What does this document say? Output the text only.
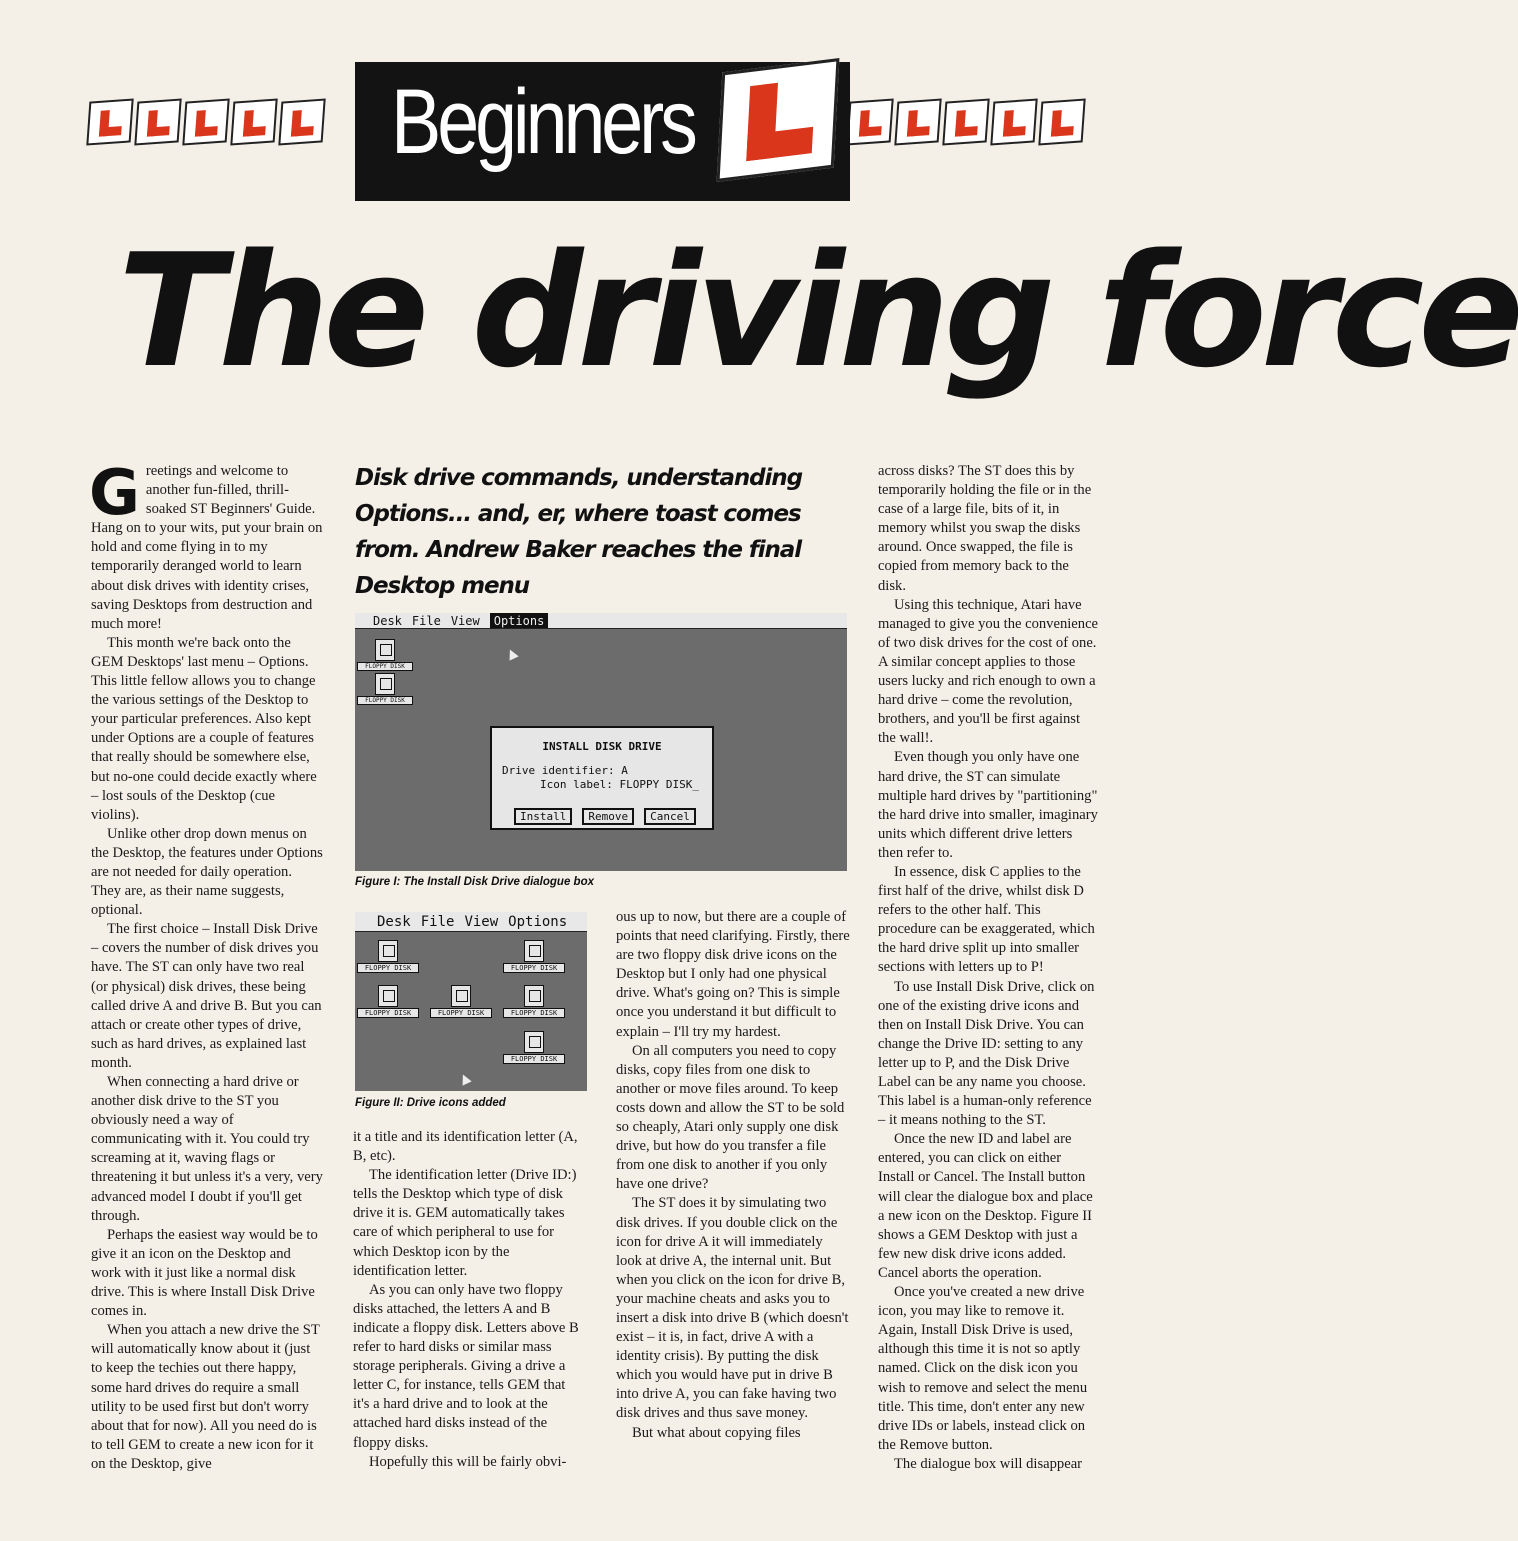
Beginners
The driving force

Greetings and welcome to another fun-filled, thrill-soaked ST Beginners' Guide. Hang on to your wits, put your brain on hold and come flying in to my temporarily deranged world to learn about disk drives with identity crises, saving Desktops from destruction and much more!

This month we're back onto the GEM Desktops' last menu – Options. This little fellow allows you to change the various settings of the Desktop to your particular preferences. Also kept under Options are a couple of features that really should be somewhere else, but no-one could decide exactly where – lost souls of the Desktop (cue violins).

Unlike other drop down menus on the Desktop, the features under Options are not needed for daily operation. They are, as their name suggests, optional.

The first choice – Install Disk Drive – covers the number of disk drives you have. The ST can only have two real (or physical) disk drives, these being called drive A and drive B. But you can attach or create other types of drive, such as hard drives, as explained last month.

When connecting a hard drive or another disk drive to the ST you obviously need a way of communicating with it. You could try screaming at it, waving flags or threatening it but unless it's a very, very advanced model I doubt if you'll get through.

Perhaps the easiest way would be to give it an icon on the Desktop and work with it just like a normal disk drive. This is where Install Disk Drive comes in.

When you attach a new drive the ST will automatically know about it (just to keep the techies out there happy, some hard drives do require a small utility to be used first but don't worry about that for now). All you need do is to tell GEM to create a new icon for it on the Desktop, give

Disk drive commands, understanding Options... and, er, where toast comes from. Andrew Baker reaches the final Desktop menu
Desk File View	Options
FLOPPY DISK
FLOPPY DISK
INSTALL DISK DRIVE
Drive identifier: A
Icon label: FLOPPY DISK_
Install	Remove	Cancel
Figure I: The Install Disk Drive dialogue box
Desk File View Options
FLOPPY DISK	FLOPPY DISK
FLOPPY DISK	FLOPPY DISK	FLOPPY DISK
FLOPPY DISK
Figure II: Drive icons added

it a title and its identification letter (A, B, etc).

The identification letter (Drive ID:) tells the Desktop which type of disk drive it is. GEM automatically takes care of which peripheral to use for which Desktop icon by the identification letter.

As you can only have two floppy disks attached, the letters A and B indicate a floppy disk. Letters above B refer to hard disks or similar mass storage peripherals. Giving a drive a letter C, for instance, tells GEM that it's a hard drive and to look at the attached hard disks instead of the floppy disks.

Hopefully this will be fairly obvi-

ous up to now, but there are a couple of points that need clarifying. Firstly, there are two floppy disk drive icons on the Desktop but I only had one physical drive. What's going on? This is simple once you understand it but difficult to explain – I'll try my hardest.

On all computers you need to copy disks, copy files from one disk to another or move files around. To keep costs down and allow the ST to be sold so cheaply, Atari only supply one disk drive, but how do you transfer a file from one disk to another if you only have one drive?

The ST does it by simulating two disk drives. If you double click on the icon for drive A it will immediately look at drive A, the internal unit. But when you click on the icon for drive B, your machine cheats and asks you to insert a disk into drive B (which doesn't exist – it is, in fact, drive A with a identity crisis). By putting the disk which you would have put in drive B into drive A, you can fake having two disk drives and thus save money.

But what about copying files

across disks? The ST does this by temporarily holding the file or in the case of a large file, bits of it, in memory whilst you swap the disks around. Once swapped, the file is copied from memory back to the disk.

Using this technique, Atari have managed to give you the convenience of two disk drives for the cost of one. A similar concept applies to those users lucky and rich enough to own a hard drive – come the revolution, brothers, and you'll be first against the wall!.

Even though you only have one hard drive, the ST can simulate multiple hard drives by "partitioning" the hard drive into smaller, imaginary units which different drive letters then refer to.

In essence, disk C applies to the first half of the drive, whilst disk D refers to the other half. This procedure can be exaggerated, which the hard drive split up into smaller sections with letters up to P!

To use Install Disk Drive, click on one of the existing drive icons and then on Install Disk Drive. You can change the Drive ID: setting to any letter up to P, and the Disk Drive Label can be any name you choose. This label is a human-only reference – it means nothing to the ST.

Once the new ID and label are entered, you can click on either Install or Cancel. The Install button will clear the dialogue box and place a new icon on the Desktop. Figure II shows a GEM Desktop with just a few new disk drive icons added. Cancel aborts the operation.

Once you've created a new drive icon, you may like to remove it. Again, Install Disk Drive is used, although this time it is not so aptly named. Click on the disk icon you wish to remove and select the menu title. This time, don't enter any new drive IDs or labels, instead click on the Remove button.

The dialogue box will disappear
